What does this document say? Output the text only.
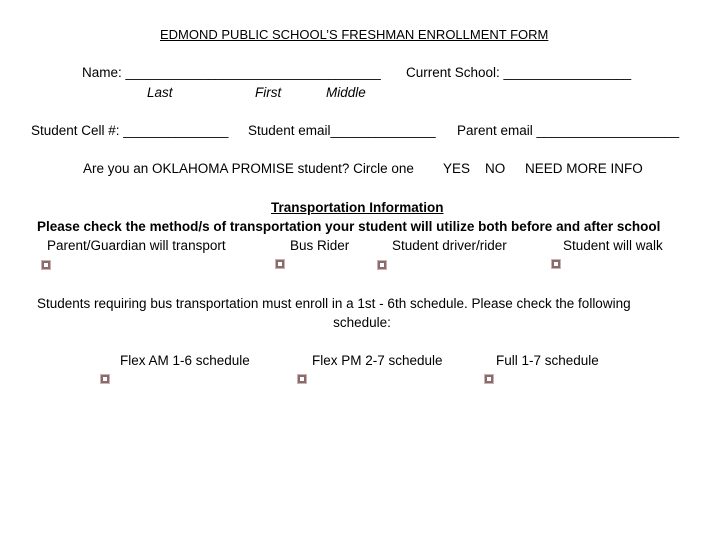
EDMOND PUBLIC SCHOOL’S FRESHMAN ENROLLMENT FORM
Name: __________________________________ Current School: _________________
Last	First	Middle
Student Cell #: ______________ Student email______________ Parent email ___________________
Are you an OKLAHOMA PROMISE student? Circle one YES NO NEED MORE INFO
Transportation Information
Please check the method/s of transportation your student will utilize both before and after school
Parent/Guardian will transport	Bus Rider	Student driver/rider	Student will walk
Students requiring bus transportation must enroll in a 1st - 6th schedule. Please check the following
schedule:
Flex AM 1-6 schedule	Flex PM 2-7 schedule	Full 1-7 schedule
